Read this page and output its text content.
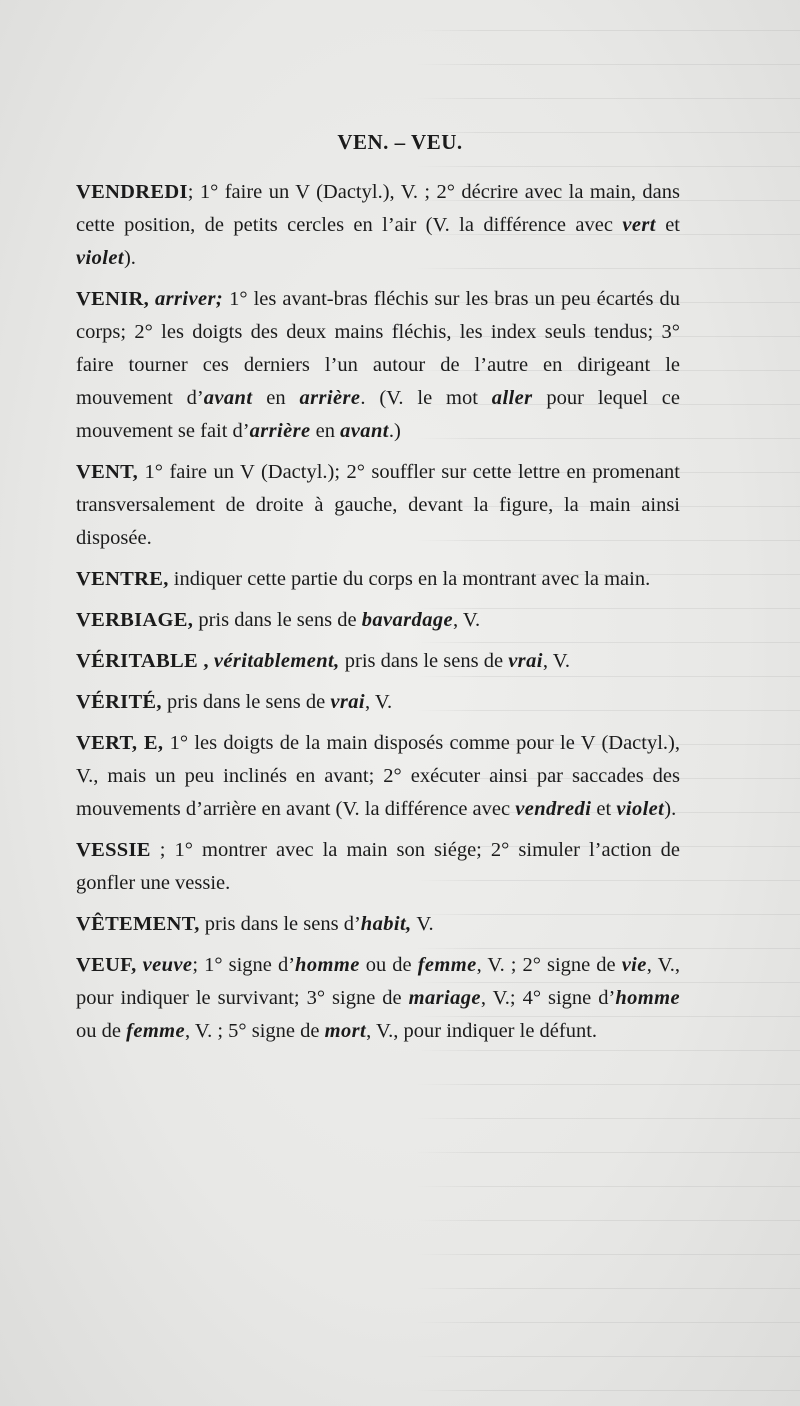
VEN. – VEU.

VENDREDI; 1° faire un V (Dactyl.), V. ; 2° décrire avec la main, dans cette position, de petits cercles en l’air (V. la différence avec vert et violet).

VENIR, arriver; 1° les avant-bras fléchis sur les bras un peu écartés du corps; 2° les doigts des deux mains fléchis, les index seuls tendus; 3° faire tourner ces derniers l’un autour de l’autre en dirigeant le mouvement d’avant en arrière. (V. le mot aller pour lequel ce mouvement se fait d’arrière en avant.)

VENT, 1° faire un V (Dactyl.); 2° souffler sur cette lettre en promenant transversalement de droite à gauche, devant la figure, la main ainsi disposée.

VENTRE, indiquer cette partie du corps en la montrant avec la main.

VERBIAGE, pris dans le sens de bavardage, V.

VÉRITABLE , véritablement, pris dans le sens de vrai, V.

VÉRITÉ, pris dans le sens de vrai, V.

VERT, E, 1° les doigts de la main disposés comme pour le V (Dactyl.), V., mais un peu inclinés en avant; 2° exécuter ainsi par saccades des mouvements d’arrière en avant (V. la différence avec vendredi et violet).

VESSIE ; 1° montrer avec la main son siége; 2° simuler l’action de gonfler une vessie.

VÊTEMENT, pris dans le sens d’habit, V.

VEUF, veuve; 1° signe d’homme ou de femme, V. ; 2° signe de vie, V., pour indiquer le survivant; 3° signe de mariage, V.; 4° signe d’homme ou de femme, V. ; 5° signe de mort, V., pour indiquer le défunt.
